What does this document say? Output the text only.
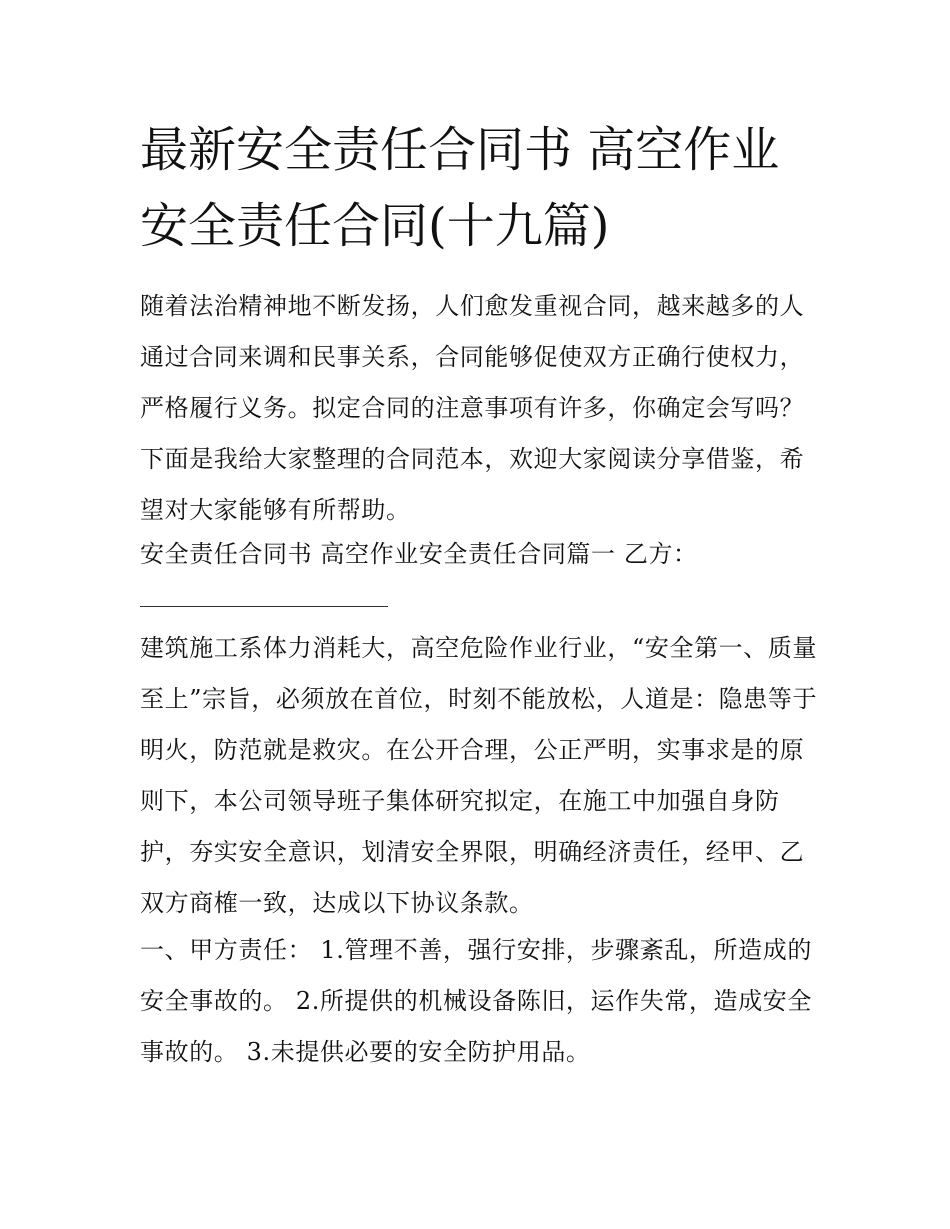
最新安全责任合同书 高空作业
安全责任合同(十九篇)

随着法治精神地不断发扬，人们愈发重视合同，越来越多的人通过合同来调和民事关系，合同能够促使双方正确行使权力，严格履行义务。拟定合同的注意事项有许多，你确定会写吗？下面是我给大家整理的合同范本，欢迎大家阅读分享借鉴，希望对大家能够有所帮助。

安全责任合同书 高空作业安全责任合同篇一 乙方：

建筑施工系体力消耗大，高空危险作业行业，“安全第一、质量至上”宗旨，必须放在首位，时刻不能放松，人道是：隐患等于明火，防范就是救灾。在公开合理，公正严明，实事求是的原则下，本公司领导班子集体研究拟定，在施工中加强自身防护，夯实安全意识，划清安全界限，明确经济责任，经甲、乙双方商榷一致，达成以下协议条款。

一、甲方责任： 1.管理不善，强行安排，步骤紊乱，所造成的安全事故的。 2.所提供的机械设备陈旧，运作失常，造成安全事故的。 3.未提供必要的安全防护用品。
